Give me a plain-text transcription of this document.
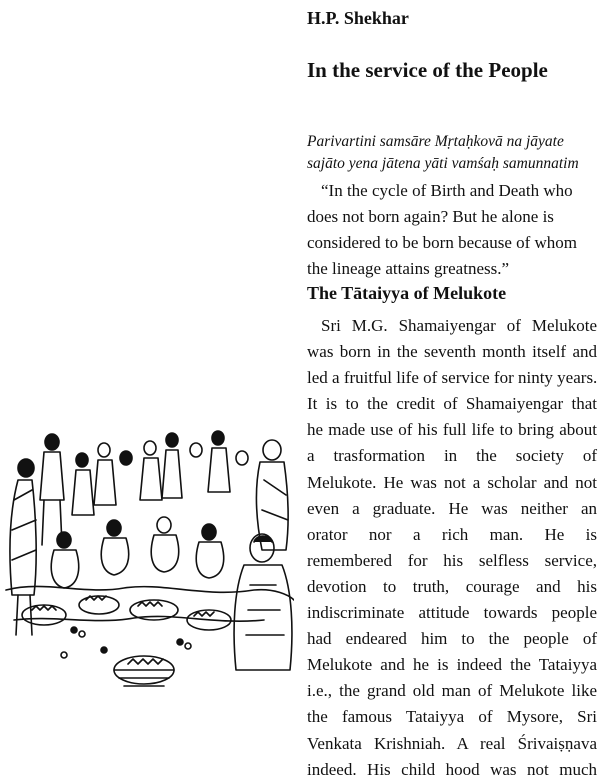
H.P. Shekhar
In the service of the People
Parivartini samsāre Mṛtaḥkovā na jāyate
sajāto yena jātena yāti vamśaḥ samunnatim
“In the cycle of Birth and Death who
does not born again? But he alone is
considered to be born because of whom
the lineage attains greatness.”
The Tātaiyya of Melukote
Sri M.G. Shamaiyengar of Melukote
was born in the seventh month itself and
led a fruitful life of service for ninty years.
It is to the credit of Shamaiyengar that
he made use of his full life to bring about
a trasformation in the society of
Melukote. He was not a scholar and not
even a graduate. He was neither an
orator nor a rich man. He is
remembered for his selfless service,
devotion to truth, courage and his
indiscriminate attitude towards people
had endeared him to the people of
Melukote and he is indeed the Tataiyya
i.e., the grand old man of Melukote like
the famous Tataiyya of Mysore, Sri
Venkata Krishniah. A real Śrivaiṣṇava
indeed. His child hood was not much
